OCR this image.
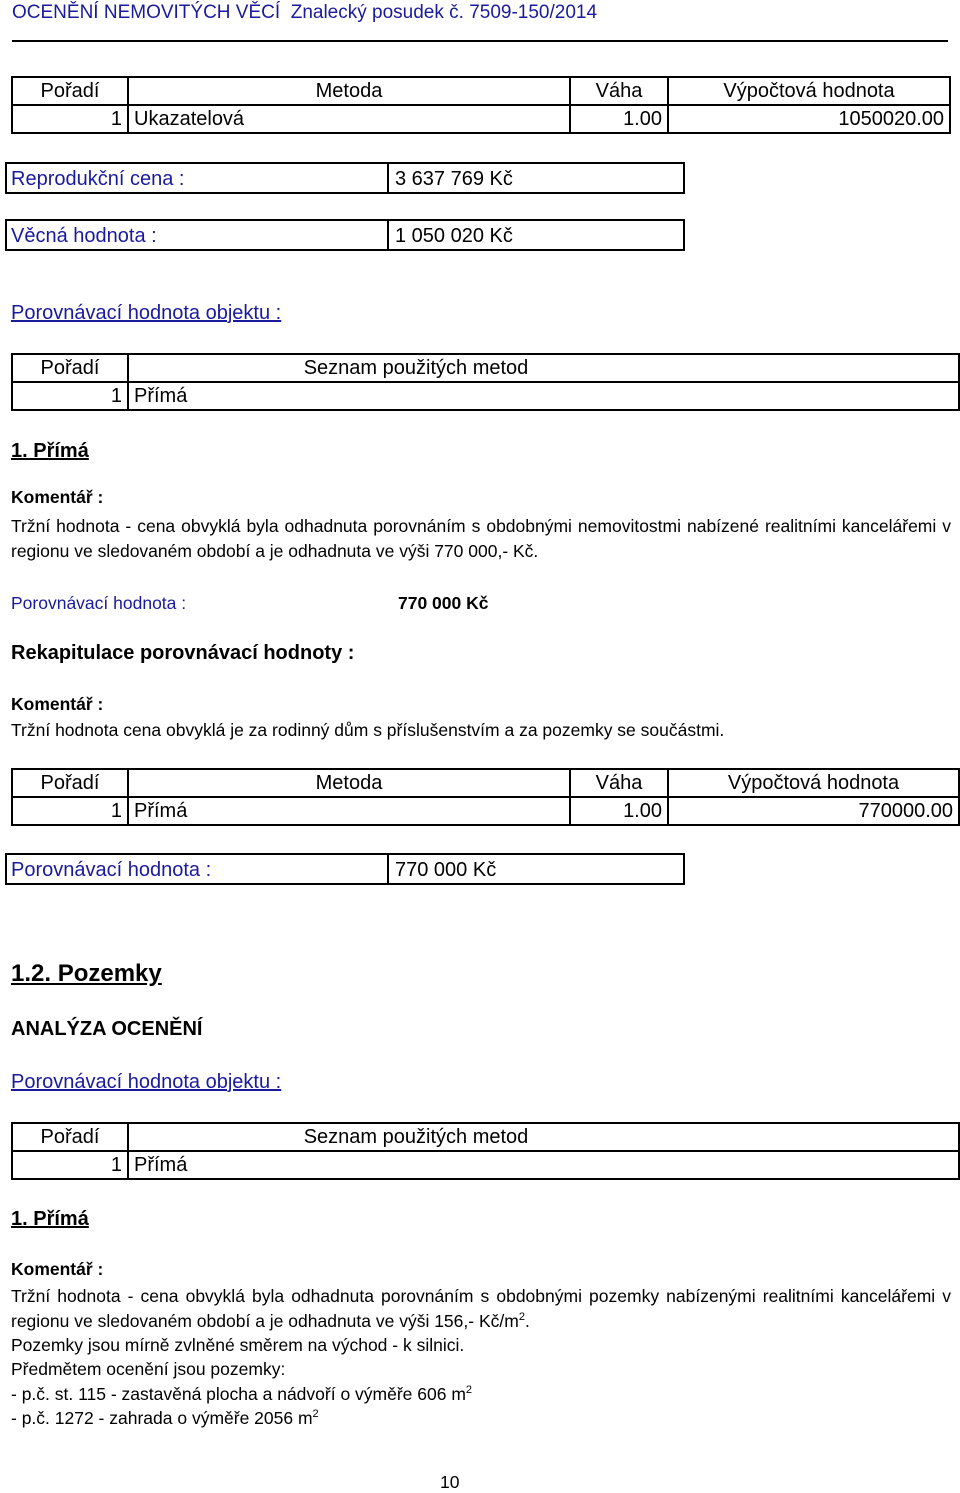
OCENĚNÍ NEMOVITÝCH VĚCÍ Znalecký posudek č. 7509-150/2014
Pořadí	Metoda	Váha	Výpočtová hodnota
1	Ukazatelová	1.00	1050020.00
Reprodukční cena :	3 637 769 Kč
Věcná hodnota :	1 050 020 Kč
Porovnávací hodnota objektu :
Pořadí	Seznam použitých metod
1	Přímá
1. Přímá
Komentář :
Tržní hodnota - cena obvyklá byla odhadnuta porovnáním s obdobnými nemovitostmi nabízené realitními kancelářemi v regionu ve sledovaném období a je odhadnuta ve výši 770 000,- Kč.
Porovnávací hodnota :	770 000 Kč
Rekapitulace porovnávací hodnoty :
Komentář :
Tržní hodnota cena obvyklá je za rodinný dům s příslušenstvím a za pozemky se součástmi.
Pořadí	Metoda	Váha	Výpočtová hodnota
1	Přímá	1.00	770000.00
Porovnávací hodnota :	770 000 Kč
1.2. Pozemky
ANALÝZA OCENĚNÍ
Porovnávací hodnota objektu :
Pořadí	Seznam použitých metod
1	Přímá
1. Přímá
Komentář :
Tržní hodnota - cena obvyklá byla odhadnuta porovnáním s obdobnými pozemky nabízenými realitními kancelářemi v regionu ve sledovaném období a je odhadnuta ve výši 156,- $Kč/m^2$.
Pozemky jsou mírně zvlněné směrem na východ - k silnici.
Předmětem ocenění jsou pozemky:
- p.č. st. 115 - zastavěná plocha a nádvoří o výměře 606 $m^2$
- p.č. 1272 - zahrada o výměře 2056 $m^2$
10
